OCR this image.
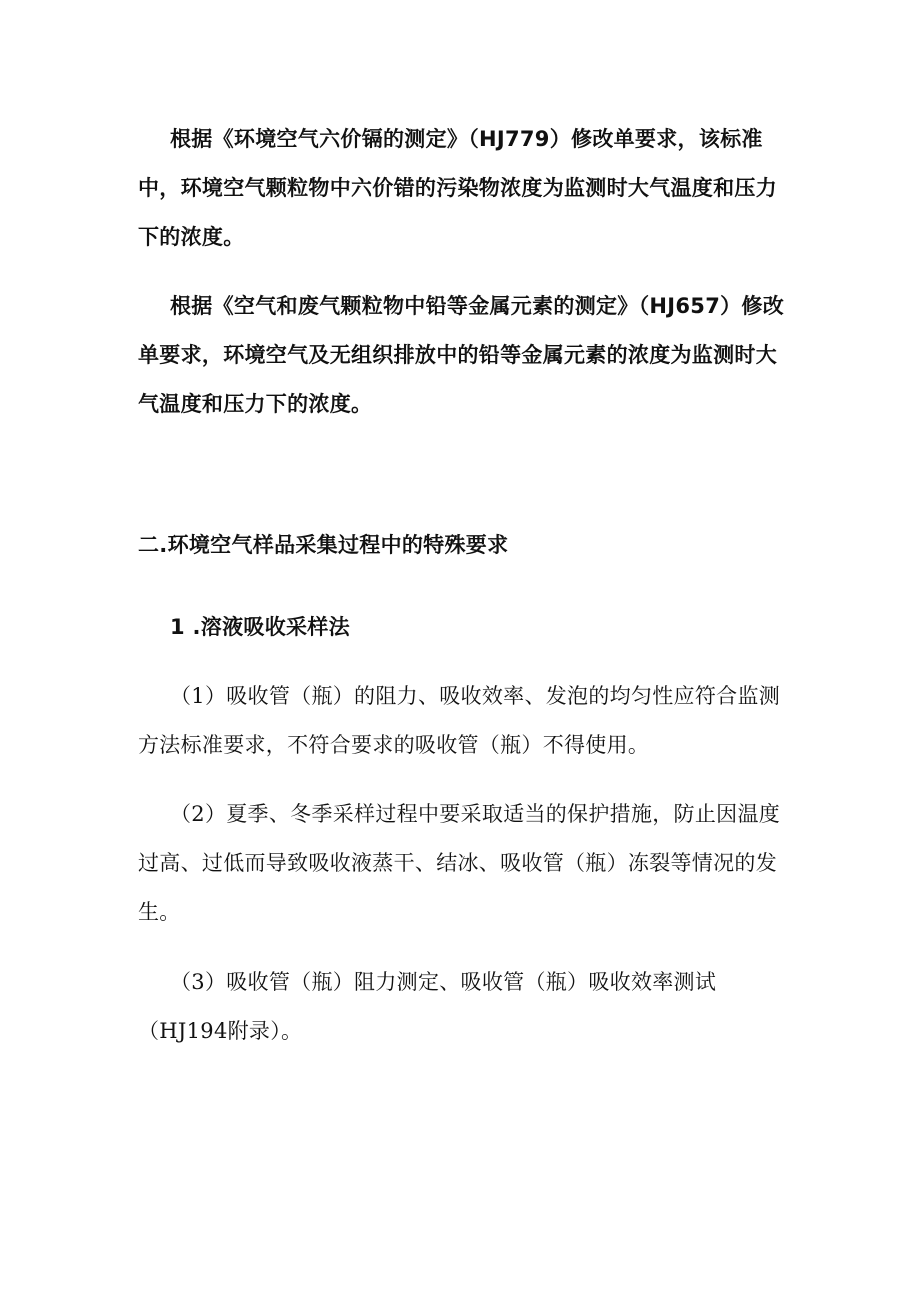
根据《环境空气六价镉的测定》（HJ779）修改单要求，该标准中，环境空气颗粒物中六价错的污染物浓度为监测时大气温度和压力下的浓度。

根据《空气和废气颗粒物中铅等金属元素的测定》（HJ657）修改单要求，环境空气及无组织排放中的铅等金属元素的浓度为监测时大气温度和压力下的浓度。

二.环境空气样品采集过程中的特殊要求
1 .溶液吸收采样法

（1）吸收管（瓶）的阻力、吸收效率、发泡的均匀性应符合监测方法标准要求，不符合要求的吸收管（瓶）不得使用。

（2）夏季、冬季采样过程中要采取适当的保护措施，防止因温度过高、过低而导致吸收液蒸干、结冰、吸收管（瓶）冻裂等情况的发生。

（3）吸收管（瓶）阻力测定、吸收管（瓶）吸收效率测试（HJ194附录）。
